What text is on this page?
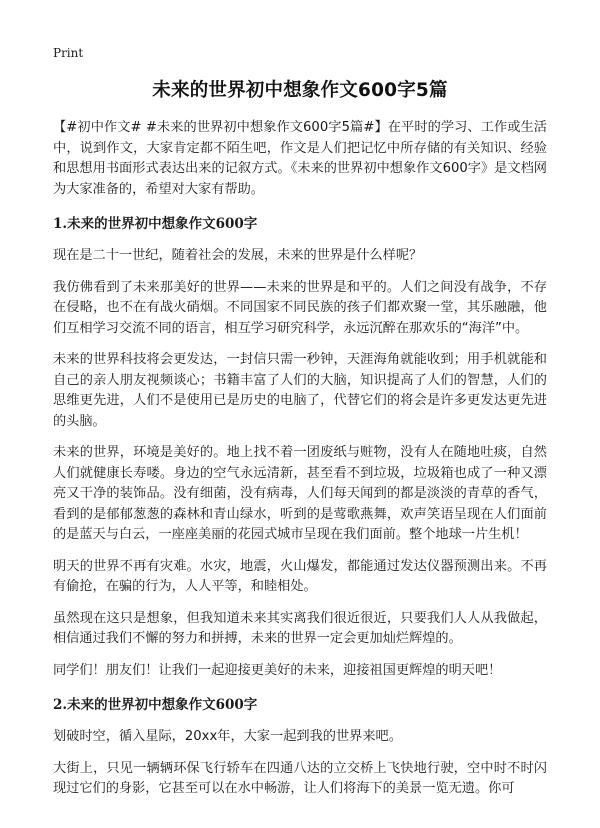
Print
未来的世界初中想象作文600字5篇

【#初中作文# #未来的世界初中想象作文600字5篇#】在平时的学习、工作或生活中，说到作文，大家肯定都不陌生吧，作文是人们把记忆中所存储的有关知识、经验和思想用书面形式表达出来的记叙方式。《未来的世界初中想象作文600字》是文档网为大家准备的，希望对大家有帮助。

1.未来的世界初中想象作文600字

现在是二十一世纪，随着社会的发展，未来的世界是什么样呢？

我仿佛看到了未来那美好的世界——未来的世界是和平的。人们之间没有战争，不存在侵略，也不在有战火硝烟。不同国家不同民族的孩子们都欢聚一堂，其乐融融，他们互相学习交流不同的语言，相互学习研究科学，永远沉醉在那欢乐的“海洋”中。

未来的世界科技将会更发达，一封信只需一秒钟，天涯海角就能收到；用手机就能和自己的亲人朋友视频谈心；书籍丰富了人们的大脑，知识提高了人们的智慧，人们的思维更先进，人们不是使用已是历史的电脑了，代替它们的将会是许多更发达更先进的头脑。

未来的世界，环境是美好的。地上找不着一团废纸与赃物，没有人在随地吐痰，自然人们就健康长寿喽。身边的空气永远清新，甚至看不到垃圾，垃圾箱也成了一种又漂亮又干净的装饰品。没有细菌，没有病毒，人们每天闻到的都是淡淡的青草的香气，看到的是郁郁葱葱的森林和青山绿水，听到的是莺歌燕舞，欢声笑语呈现在人们面前的是蓝天与白云，一座座美丽的花园式城市呈现在我们面前。整个地球一片生机！

明天的世界不再有灾难。水灾，地震，火山爆发，都能通过发达仪器预测出来。不再有偷抢，在骗的行为，人人平等，和睦相处。

虽然现在这只是想象，但我知道未来其实离我们很近很近，只要我们人人从我做起，相信通过我们不懈的努力和拼搏，未来的世界一定会更加灿烂辉煌的。

同学们！朋友们！让我们一起迎接更美好的未来，迎接祖国更辉煌的明天吧！

2.未来的世界初中想象作文600字

划破时空，循入星际，20xx年，大家一起到我的世界来吧。

大街上，只见一辆辆环保飞行轿车在四通八达的立交桥上飞快地行驶，空中时不时闪现过它们的身影，它甚至可以在水中畅游，让人们将海下的美景一览无遗。你可
